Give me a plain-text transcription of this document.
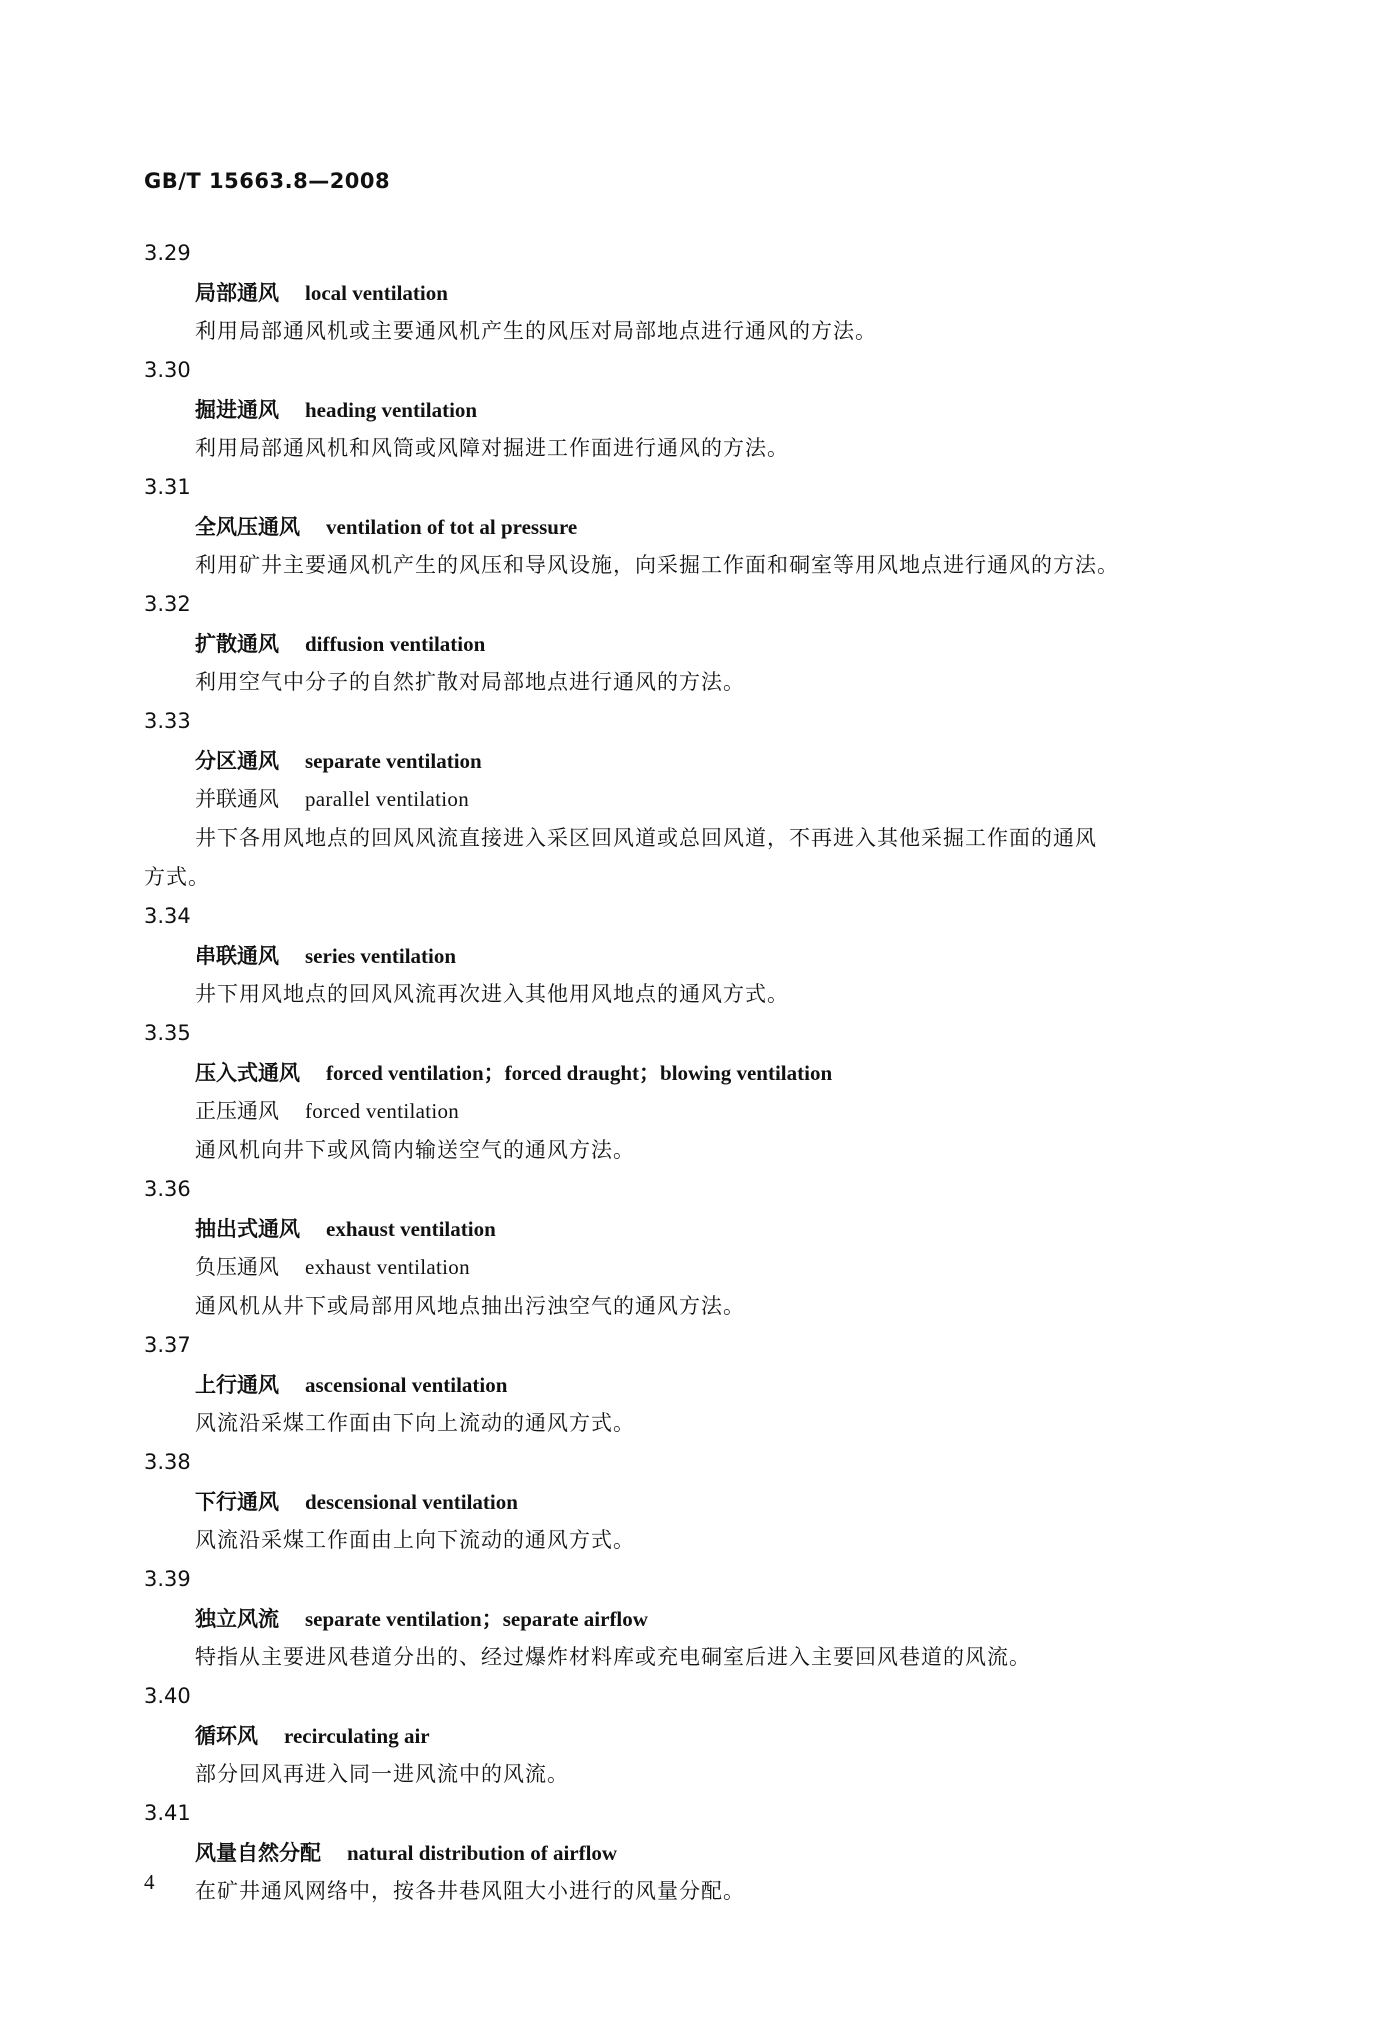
GB/T 15663.8—2008
3.29
局部通风 local ventilation
利用局部通风机或主要通风机产生的风压对局部地点进行通风的方法。
3.30
掘进通风 heading ventilation
利用局部通风机和风筒或风障对掘进工作面进行通风的方法。
3.31
全风压通风 ventilation of tot al pressure
利用矿井主要通风机产生的风压和导风设施，向采掘工作面和硐室等用风地点进行通风的方法。
3.32
扩散通风 diffusion ventilation
利用空气中分子的自然扩散对局部地点进行通风的方法。
3.33
分区通风 separate ventilation
并联通风 parallel ventilation
井下各用风地点的回风风流直接进入采区回风道或总回风道，不再进入其他采掘工作面的通风
方式。
3.34
串联通风 series ventilation
井下用风地点的回风风流再次进入其他用风地点的通风方式。
3.35
压入式通风 forced ventilation；forced draught；blowing ventilation
正压通风 forced ventilation
通风机向井下或风筒内输送空气的通风方法。
3.36
抽出式通风 exhaust ventilation
负压通风 exhaust ventilation
通风机从井下或局部用风地点抽出污浊空气的通风方法。
3.37
上行通风 ascensional ventilation
风流沿采煤工作面由下向上流动的通风方式。
3.38
下行通风 descensional ventilation
风流沿采煤工作面由上向下流动的通风方式。
3.39
独立风流 separate ventilation；separate airflow
特指从主要进风巷道分出的、经过爆炸材料库或充电硐室后进入主要回风巷道的风流。
3.40
循环风 recirculating air
部分回风再进入同一进风流中的风流。
3.41
风量自然分配 natural distribution of airflow
在矿井通风网络中，按各井巷风阻大小进行的风量分配。
4
